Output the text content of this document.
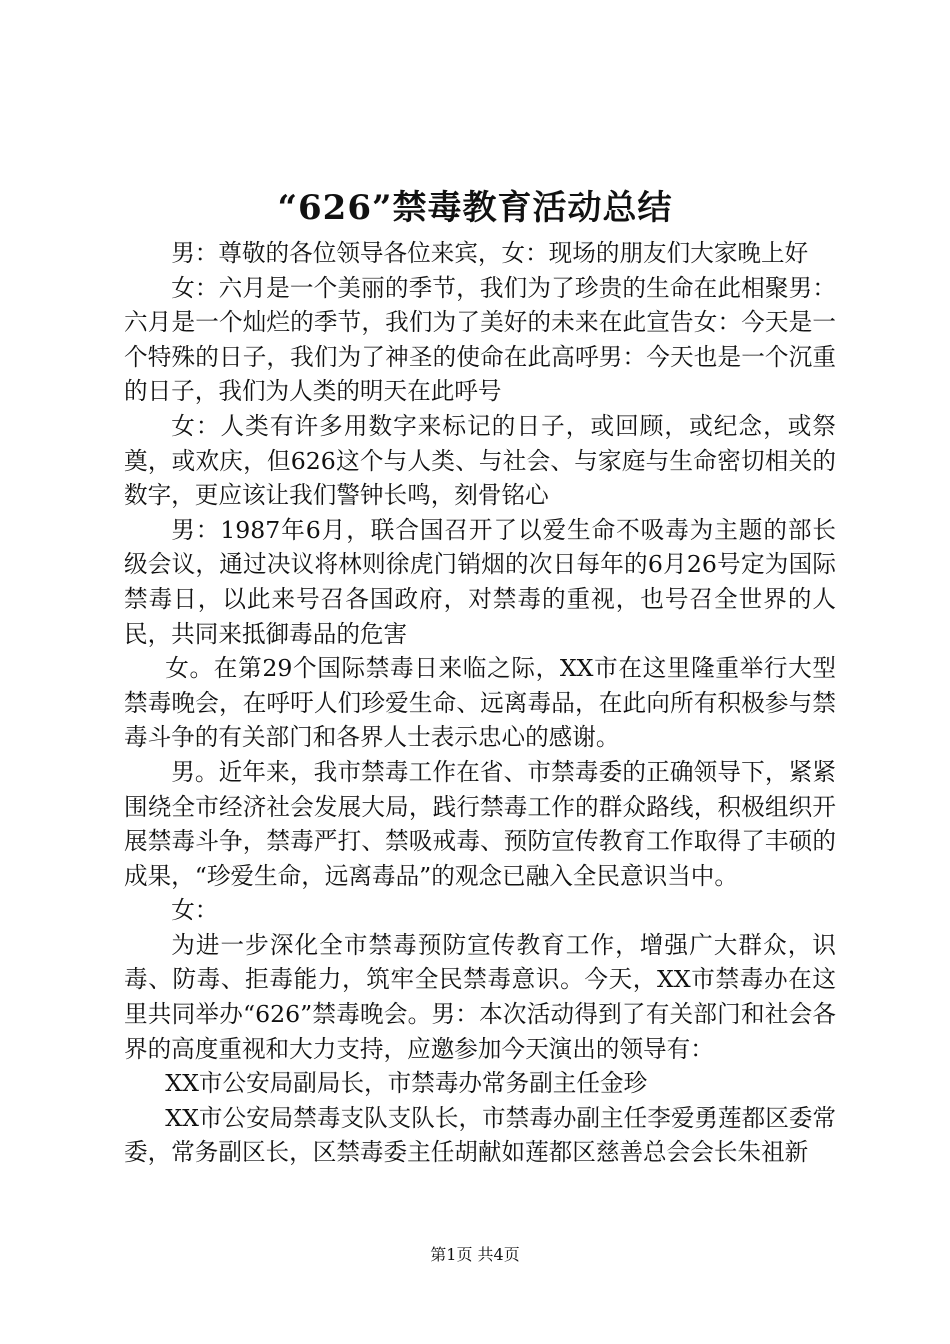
“626”禁毒教育活动总结

男：尊敬的各位领导各位来宾，女：现场的朋友们大家晚上好

女：六月是一个美丽的季节，我们为了珍贵的生命在此相聚男：六月是一个灿烂的季节，我们为了美好的未来在此宣告女：今天是一个特殊的日子，我们为了神圣的使命在此高呼男：今天也是一个沉重的日子，我们为人类的明天在此呼号

女：人类有许多用数字来标记的日子，或回顾，或纪念，或祭奠，或欢庆，但626这个与人类、与社会、与家庭与生命密切相关的数字，更应该让我们警钟长鸣，刻骨铭心

男：1987年6月，联合国召开了以爱生命不吸毒为主题的部长级会议，通过决议将林则徐虎门销烟的次日每年的6月26号定为国际禁毒日，以此来号召各国政府，对禁毒的重视，也号召全世界的人民，共同来抵御毒品的危害

女。在第29个国际禁毒日来临之际，XX市在这里隆重举行大型禁毒晚会，在呼吁人们珍爱生命、远离毒品，在此向所有积极参与禁毒斗争的有关部门和各界人士表示忠心的感谢。

男。近年来，我市禁毒工作在省、市禁毒委的正确领导下，紧紧围绕全市经济社会发展大局，践行禁毒工作的群众路线，积极组织开展禁毒斗争，禁毒严打、禁吸戒毒、预防宣传教育工作取得了丰硕的成果，“珍爱生命，远离毒品”的观念已融入全民意识当中。

女：

为进一步深化全市禁毒预防宣传教育工作，增强广大群众，识毒、防毒、拒毒能力，筑牢全民禁毒意识。今天，XX市禁毒办在这里共同举办“626”禁毒晚会。男：本次活动得到了有关部门和社会各界的高度重视和大力支持，应邀参加今天演出的领导有：

XX市公安局副局长，市禁毒办常务副主任金珍

XX市公安局禁毒支队支队长，市禁毒办副主任李爱勇莲都区委常委，常务副区长，区禁毒委主任胡献如莲都区慈善总会会长朱祖新

第1页 共4页
